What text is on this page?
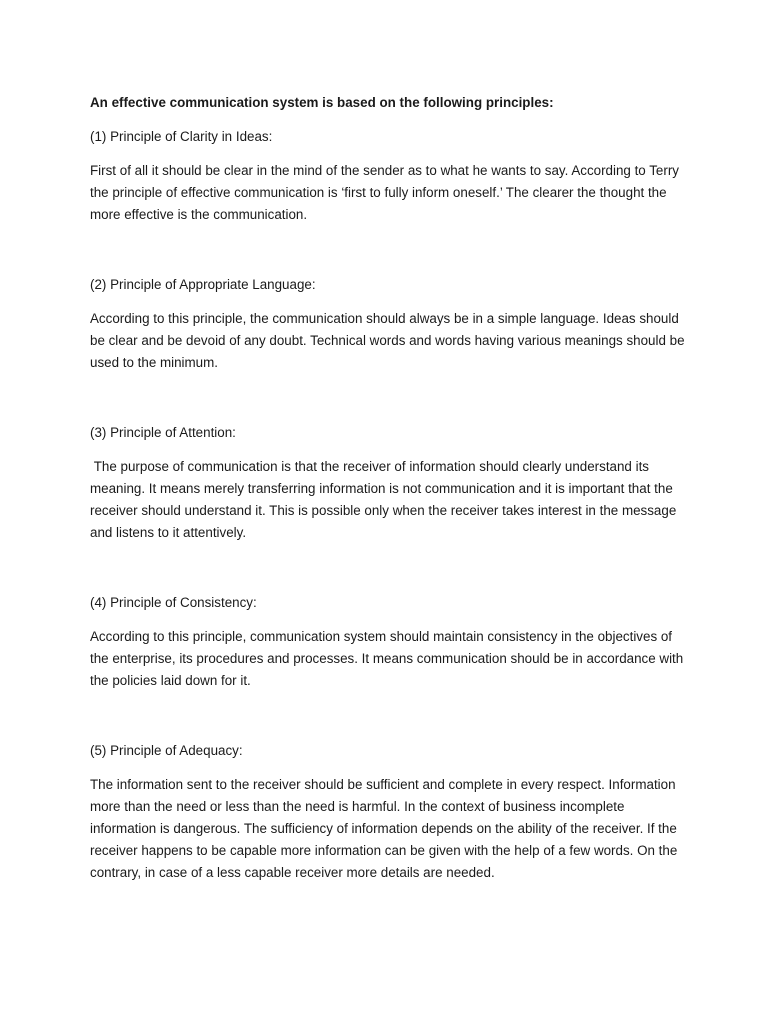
An effective communication system is based on the following principles:

(1) Principle of Clarity in Ideas:

First of all it should be clear in the mind of the sender as to what he wants to say. According to Terry the principle of effective communication is ‘first to fully inform oneself.’ The clearer the thought the more effective is the communication.

(2) Principle of Appropriate Language:

According to this principle, the communication should always be in a simple language. Ideas should be clear and be devoid of any doubt. Technical words and words having various meanings should be used to the minimum.

(3) Principle of Attention:

The purpose of communication is that the receiver of information should clearly understand its meaning. It means merely transferring information is not communication and it is important that the receiver should understand it. This is possible only when the receiver takes interest in the message and listens to it attentively.

(4) Principle of Consistency:

According to this principle, communication system should maintain consistency in the objectives of the enterprise, its procedures and processes. It means communication should be in accordance with the policies laid down for it.

(5) Principle of Adequacy:

The information sent to the receiver should be sufficient and complete in every respect. Information more than the need or less than the need is harmful. In the context of business incomplete information is dangerous. The sufficiency of information depends on the ability of the receiver. If the receiver happens to be capable more information can be given with the help of a few words. On the contrary, in case of a less capable receiver more details are needed.
